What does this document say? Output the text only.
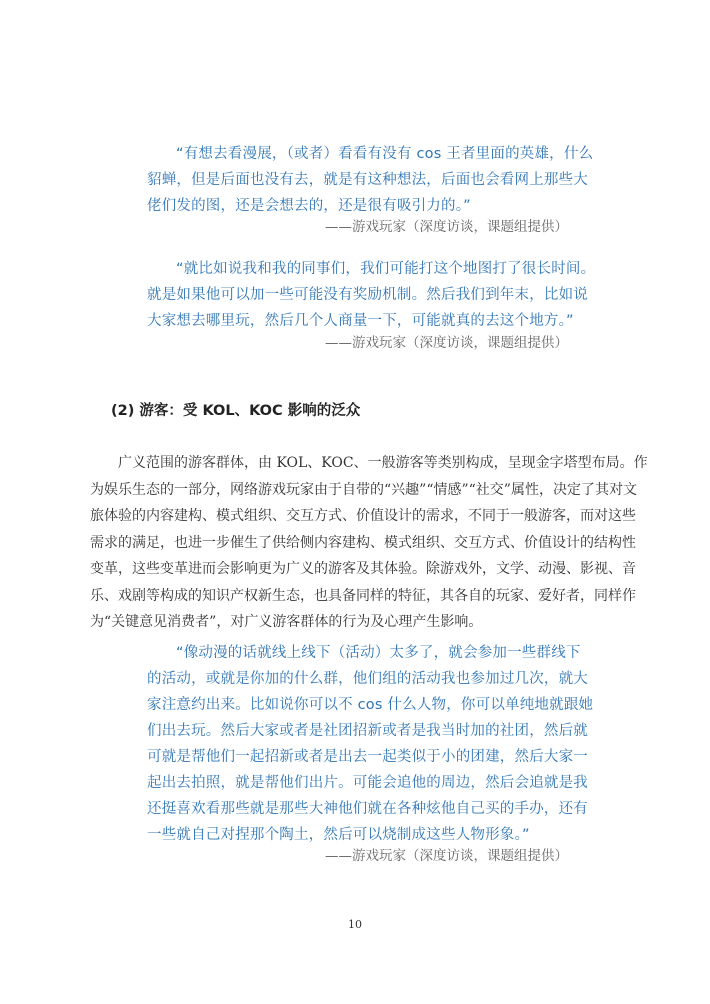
“有想去看漫展，（或者）看看有没有 cos 王者里面的英雄，什么
貂蝉，但是后面也没有去，就是有这种想法，后面也会看网上那些大
佬们发的图，还是会想去的，还是很有吸引力的。”
——游戏玩家（深度访谈，课题组提供）
“就比如说我和我的同事们，我们可能打这个地图打了很长时间。
就是如果他可以加一些可能没有奖励机制。然后我们到年末，比如说
大家想去哪里玩，然后几个人商量一下，可能就真的去这个地方。”
——游戏玩家（深度访谈，课题组提供）
(2) 游客：受 KOL、KOC 影响的泛众
广义范围的游客群体，由 KOL、KOC、一般游客等类别构成，呈现金字塔型布局。作
为娱乐生态的一部分，网络游戏玩家由于自带的“兴趣”“情感”“社交”属性，决定了其对文
旅体验的内容建构、模式组织、交互方式、价值设计的需求，不同于一般游客，而对这些
需求的满足，也进一步催生了供给侧内容建构、模式组织、交互方式、价值设计的结构性
变革，这些变革进而会影响更为广义的游客及其体验。除游戏外，文学、动漫、影视、音
乐、戏剧等构成的知识产权新生态，也具备同样的特征，其各自的玩家、爱好者，同样作
为“关键意见消费者”，对广义游客群体的行为及心理产生影响。
“像动漫的话就线上线下（活动）太多了，就会参加一些群线下
的活动，或就是你加的什么群，他们组的活动我也参加过几次，就大
家注意约出来。比如说你可以不 cos 什么人物，你可以单纯地就跟她
们出去玩。然后大家或者是社团招新或者是我当时加的社团，然后就
可就是帮他们一起招新或者是出去一起类似于小的团建，然后大家一
起出去拍照，就是帮他们出片。可能会追他的周边，然后会追就是我
还挺喜欢看那些就是那些大神他们就在各种炫他自己买的手办，还有
一些就自己对捏那个陶土，然后可以烧制成这些人物形象。”
——游戏玩家（深度访谈，课题组提供）
10
